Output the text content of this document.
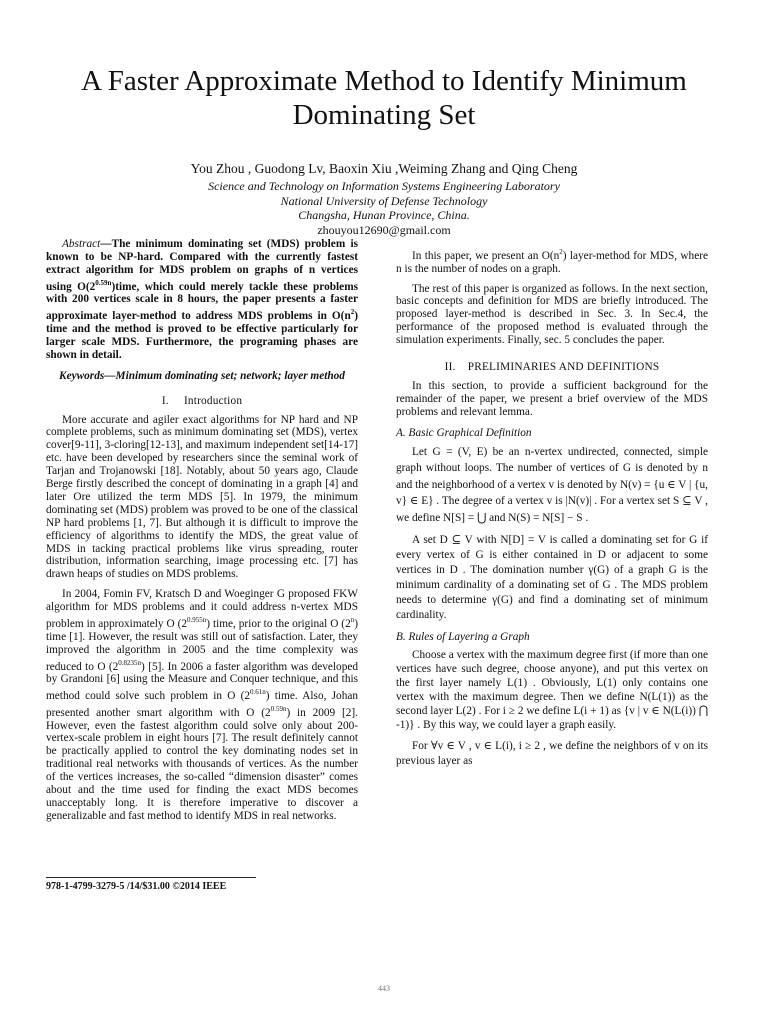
A Faster Approximate Method to Identify Minimum Dominating Set
You Zhou , Guodong Lv, Baoxin Xiu ,Weiming Zhang and Qing Cheng
Science and Technology on Information Systems Engineering Laboratory
National University of Defense Technology
Changsha, Hunan Province, China.
zhouyou12690@gmail.com

Abstract—The minimum dominating set (MDS) problem is known to be NP-hard. Compared with the currently fastest extract algorithm for MDS problem on graphs of n vertices using $O(2^{0.59n})time$, which could merely tackle these problems with 200 vertices scale in 8 hours, the paper presents a faster approximate layer-method to address MDS problems in $O(n^2)$ time and the method is proved to be effective particularly for larger scale MDS. Furthermore, the programing phases are shown in detail.

Keywords—Minimum dominating set; network; layer method

I. Introduction

More accurate and agiler exact algorithms for NP hard and NP complete problems, such as minimum dominating set (MDS), vertex cover[9-11], 3-cloring[12-13], and maximum independent set[14-17] etc. have been developed by researchers since the seminal work of Tarjan and Trojanowski [18]. Notably, about 50 years ago, Claude Berge firstly described the concept of dominating in a graph [4] and later Ore utilized the term MDS [5]. In 1979, the minimum dominating set (MDS) problem was proved to be one of the classical NP hard problems [1, 7]. But although it is difficult to improve the efficiency of algorithms to identify the MDS, the great value of MDS in tacking practical problems like virus spreading, router distribution, information searching, image processing etc. [7] has drawn heaps of studies on MDS problems.

In 2004, Fomin FV, Kratsch D and Woeginger G proposed FKW algorithm for MDS problems and it could address n-vertex MDS problem in approximately O $(2^{0.955n})$ time, prior to the original O (2$^n$) time [1]. However, the result was still out of satisfaction. Later, they improved the algorithm in 2005 and the time complexity was reduced to O $(2^{0.8235n})$ [5]. In 2006 a faster algorithm was developed by Grandoni [6] using the Measure and Conquer technique, and this method could solve such problem in O $(2^{0.61n})$ time. Also, Johan presented another smart algorithm with O $(2^{0.59n})$ in 2009 [2]. However, even the fastest algorithm could solve only about 200-vertex-scale problem in eight hours [7]. The result definitely cannot be practically applied to control the key dominating nodes set in traditional real networks with thousands of vertices. As the number of the vertices increases, the so-called “dimension disaster” comes about and the time used for finding the exact MDS becomes unacceptably long. It is therefore imperative to discover a generalizable and fast method to identify MDS in real networks.

In this paper, we present an $O(n^2)$ layer-method for MDS, where n is the number of nodes on a graph.

The rest of this paper is organized as follows. In the next section, basic concepts and definition for MDS are briefly introduced. The proposed layer-method is described in Sec. 3. In Sec.4, the performance of the proposed method is evaluated through the simulation experiments. Finally, sec. 5 concludes the paper.

II. PRELIMINARIES AND DEFINITIONS

In this section, to provide a sufficient background for the remainder of the paper, we present a brief overview of the MDS problems and relevant lemma.

A. Basic Graphical Definition

Let G = (V, E) be an n-vertex undirected, connected, simple graph without loops. The number of vertices of G is denoted by n and the neighborhood of a vertex v is denoted by N(v) = {u ∈ V | {u, v} ∈ E} . The degree of a vertex v is |N(v)| . For a vertex set S ⊆ V , we define N[S] = ⋃ and N(S) = N[S] − S .

A set D ⊆ V with N[D] = V is called a dominating set for G if every vertex of G is either contained in D or adjacent to some vertices in D . The domination number γ(G) of a graph G is the minimum cardinality of a dominating set of G . The MDS problem needs to determine γ(G) and find a dominating set of minimum cardinality.

B. Rules of Layering a Graph

Choose a vertex with the maximum degree first (if more than one vertices have such degree, choose anyone), and put this vertex on the first layer namely L(1) . Obviously, L(1) only contains one vertex with the maximum degree. Then we define N(L(1)) as the second layer L(2) . For i ≥ 2 we define L(i + 1) as {v | v ∈ N(L(i)) ⋂ -1)} . By this way, we could layer a graph easily.

For ∀v ∈ V , v ∈ L(i), i ≥ 2 , we define the neighbors of v on its previous layer as

978-1-4799-3279-5 /14/$31.00 ©2014 IEEE
443
